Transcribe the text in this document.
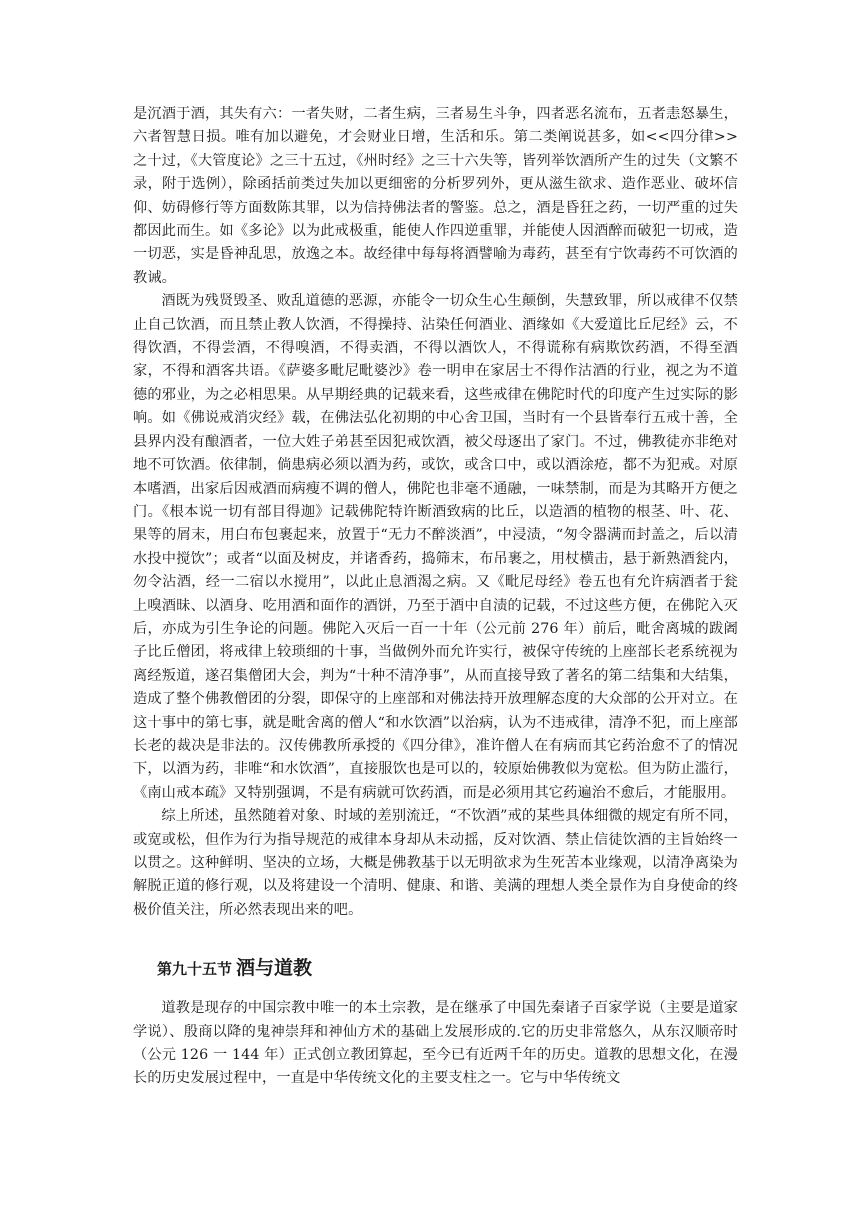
是沉酒于酒，其失有六：一者失财，二者生病，三者易生斗争，四者恶名流布，五者恚怒暴生，六者智慧日损。唯有加以避免，才会财业日增，生活和乐。第二类阐说甚多，如<<四分律>>之十过，《大管度论》之三十五过，《州时经》之三十六失等，皆列举饮酒所产生的过失（文繁不录，附于选例），除函括前类过失加以更细密的分析罗列外，更从滋生欲求、造作恶业、破坏信仰、妨碍修行等方面数陈其罪，以为信持佛法者的警鉴。总之，酒是昏狂之药，一切严重的过失都因此而生。如《多论》以为此戒极重，能使人作四逆重罪，并能使人因酒醉而破犯一切戒，造一切恶，实是昏神乱思，放逸之本。故经律中每每将酒譬喻为毒药，甚至有宁饮毒药不可饮酒的教诫。

酒既为残贤毁圣、败乱道德的恶源，亦能令一切众生心生颠倒，失慧致罪，所以戒律不仅禁止自己饮酒，而且禁止教人饮酒，不得操持、沾染任何酒业、酒缘如《大爱道比丘尼经》云，不得饮酒，不得尝酒，不得嗅酒，不得卖酒，不得以酒饮人，不得谎称有病欺饮药酒，不得至酒家，不得和酒客共语。《萨婆多毗尼毗婆沙》卷一明申在家居士不得作沽酒的行业，视之为不道德的邪业，为之必相思果。从早期经典的记载来看，这些戒律在佛陀时代的印度产生过实际的影响。如《佛说戒消灾经》载，在佛法弘化初期的中心舍卫国，当时有一个县皆奉行五戒十善，全县界内没有酿酒者，一位大姓子弟甚至因犯戒饮酒，被父母逐出了家门。不过，佛教徒亦非绝对地不可饮酒。依律制，倘患病必须以酒为药，或饮，或含口中，或以酒涂疮，都不为犯戒。对原本嗜酒，出家后因戒酒而病瘦不调的僧人，佛陀也非毫不通融，一味禁制，而是为其略开方便之门。《根本说一切有部目得迦》记载佛陀特许断酒致病的比丘，以造酒的植物的根茎、叶、花、果等的屑末，用白布包裹起来，放置于“无力不醉淡酒”，中浸渍，“匆令器满而封盖之，后以清水投中搅饮”；或者“以面及树皮，并诸香药，捣筛末，布吊裹之，用杖横击，悬于新熟酒瓮内，勿令沾酒，经一二宿以水搅用”，以此止息酒渴之病。又《毗尼母经》卷五也有允许病酒者于瓮上嗅酒昧、以酒身、吃用酒和面作的酒饼，乃至于酒中自渍的记载，不过这些方便，在佛陀入灭后，亦成为引生争论的问题。佛陀入灭后一百一十年（公元前 276 年）前后，毗舍离城的跋阇子比丘僧团，将戒律上较琐细的十事，当做例外而允许实行，被保守传统的上座部长老系统视为离经叛道，遂召集僧团大会，判为“十种不清净事”，从而直接导致了著名的第二结集和大结集，造成了整个佛教僧团的分裂，即保守的上座部和对佛法持开放理解态度的大众部的公开对立。在这十事中的第七事，就是毗舍离的僧人“和水饮酒”以治病，认为不违戒律，清净不犯，而上座部长老的裁决是非法的。汉传佛教所承授的《四分律》，准许僧人在有病而其它药治愈不了的情况下，以酒为药，非唯“和水饮酒”，直接服饮也是可以的，较原始佛教似为宽松。但为防止滥行，《南山戒本疏》又特别强调，不是有病就可饮药酒，而是必须用其它药遍治不愈后，才能服用。

综上所述，虽然随着对象、时域的差别流迁，“不饮酒”戒的某些具体细微的规定有所不同，或宽或松，但作为行为指导规范的戒律本身却从未动摇，反对饮酒、禁止信徒饮酒的主旨始终一以贯之。这种鲜明、坚决的立场，大概是佛教基于以无明欲求为生死苦本业缘观，以清净离染为解脱正道的修行观，以及将建设一个清明、健康、和谐、美满的理想人类全景作为自身使命的终极价值关注，所必然表现出来的吧。

第九十五节 酒与道教

道教是现存的中国宗教中唯一的本土宗教，是在继承了中国先秦诸子百家学说（主要是道家学说）、殷商以降的鬼神崇拜和神仙方术的基础上发展形成的.它的历史非常悠久，从东汉顺帝时（公元 126 一 144 年）正式创立教团算起，至今已有近两千年的历史。道教的思想文化，在漫长的历史发展过程中，一直是中华传统文化的主要支柱之一。它与中华传统文
